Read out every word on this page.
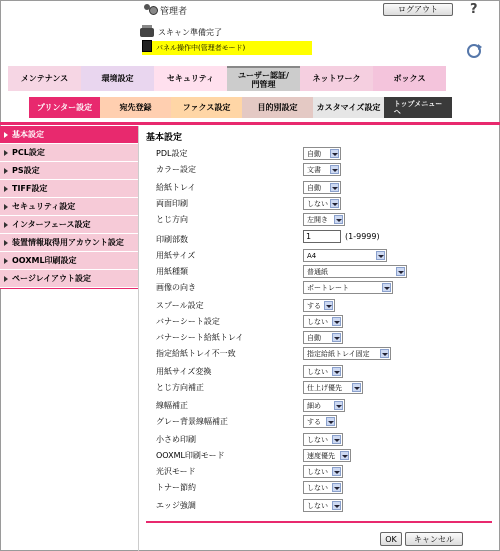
管理者	ログアウト	?
スキャン準備完了
パネル操作中(管理者モード)
メンテナンス	環境設定	セキュリティ	ユーザー認証/
門管理
ネットワーク	ボックス
プリンター設定	宛先登録	ファクス設定	目的別設定	カスタマイズ設定	トップメニュー
へ
基本設定
PCL設定
PS設定
TIFF設定
セキュリティ設定
インターフェース設定
装置情報取得用アカウント設定
OOXML印刷設定
ページレイアウト設定
基本設定
PDL設定	自動
カラー設定	文書
給紙トレイ	自動
両面印刷	しない
とじ方向	左開き
印刷部数	1	(1-9999)
用紙サイズ	A4
用紙種類	普通紙
画像の向き	ポートレート
スプール設定	する
バナーシート設定	しない
バナーシート給紙トレイ	自動
指定給紙トレイ不一致	指定給紙トレイ固定
用紙サイズ変換	しない
とじ方向補正	仕上げ優先
線幅補正	細め
グレー背景線幅補正	する
小さめ印刷	しない
OOXML印刷モード	速度優先
光沢モード	しない
トナー節約	しない
エッジ強調	しない
OK	キャンセル
